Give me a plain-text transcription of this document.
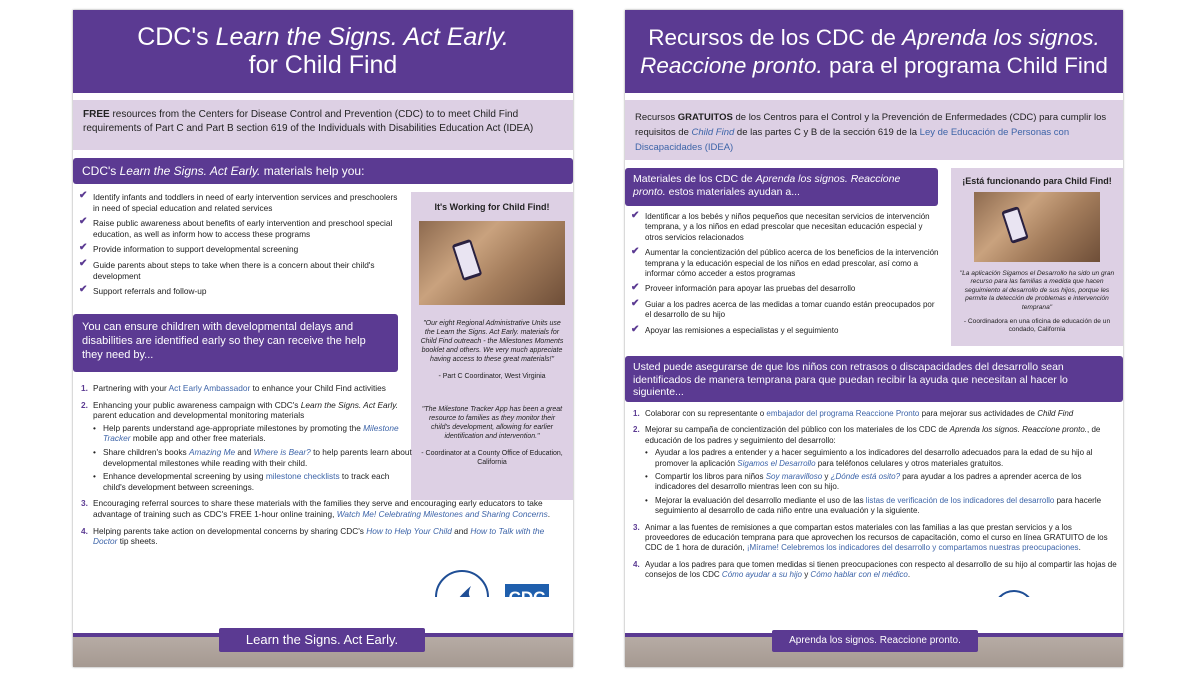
CDC's Learn the Signs. Act Early.
for Child Find
FREE resources from the Centers for Disease Control and Prevention (CDC) to to meet Child Find requirements of Part C and Part B section 619 of the Individuals with Disabilities Education Act (IDEA)
CDC's Learn the Signs. Act Early. materials help you:
✔ Identify infants and toddlers in need of early intervention services and preschoolers in need of special education and related services
✔ Raise public awareness about benefits of early intervention and preschool special education, as well as inform how to access these programs
✔ Provide information to support developmental screening
✔ Guide parents about steps to take when there is a concern about their child's development
✔ Support referrals and follow-up
It's Working for Child Find!
"Our eight Regional Administrative Units use the Learn the Signs. Act Early. materials for Child Find outreach - the Milestones Moments booklet and others. We very much appreciate having access to these great materials!"
- Part C Coordinator, West Virginia
"The Milestone Tracker App has been a great resource to families as they monitor their child's development, allowing for earlier identification and intervention."
- Coordinator at a County Office of Education, California
You can ensure children with developmental delays and disabilities are identified early so they can receive the help they need by...
1. Partnering with your Act Early Ambassador to enhance your Child Find activities
2. Enhancing your public awareness campaign with CDC's Learn the Signs. Act Early. parent education and developmental monitoring materials
• Help parents understand age-appropriate milestones by promoting the Milestone Tracker mobile app and other free materials.
• Share children's books Amazing Me and Where is Bear? to help parents learn about developmental milestones while reading with their child.
• Enhance developmental screening by using milestone checklists to track each child's development between screenings.
3. Encouraging referral sources to share these materials with the families they serve and encouraging early educators to take advantage of training such as CDC's FREE 1-hour online training, Watch Me! Celebrating Milestones and Sharing Concerns.
4. Helping parents take action on developmental concerns by sharing CDC's How to Help Your Child and How to Talk with the Doctor tip sheets.
Learn the Signs. Act Early.
Recursos de los CDC de Aprenda los signos.
Reaccione pronto. para el programa Child Find
Recursos GRATUITOS de los Centros para el Control y la Prevención de Enfermedades (CDC) para cumplir los requisitos de Child Find de las partes C y B de la sección 619 de la Ley de Educación de Personas con Discapacidades (IDEA)
Materiales de los CDC de Aprenda los signos. Reaccione pronto. estos materiales ayudan a...
✔ Identificar a los bebés y niños pequeños que necesitan servicios de intervención temprana, y a los niños en edad prescolar que necesitan educación especial y otros servicios relacionados
✔ Aumentar la concientización del público acerca de los beneficios de la intervención temprana y la educación especial de los niños en edad prescolar, así como a informar cómo acceder a estos programas
✔ Proveer información para apoyar las pruebas del desarrollo
✔ Guiar a los padres acerca de las medidas a tomar cuando están preocupados por el desarrollo de su hijo
✔ Apoyar las remisiones a especialistas y el seguimiento
¡Está funcionando para Child Find!
"La aplicación Sigamos el Desarrollo ha sido un gran recurso para las familias a medida que hacen seguimiento al desarrollo de sus hijos, porque les permite la detección de problemas e intervención temprana"
- Coordinadora en una oficina de educación de un condado, California
Usted puede asegurarse de que los niños con retrasos o discapacidades del desarrollo sean identificados de manera temprana para que puedan recibir la ayuda que necesitan al hacer lo siguiente...
1. Colaborar con su representante o embajador del programa Reaccione Pronto para mejorar sus actividades de Child Find
2. Mejorar su campaña de concientización del público con los materiales de los CDC de Aprenda los signos. Reaccione pronto., de educación de los padres y seguimiento del desarrollo:
• Ayudar a los padres a entender y a hacer seguimiento a los indicadores del desarrollo adecuados para la edad de su hijo al promover la aplicación Sigamos el Desarrollo para teléfonos celulares y otros materiales gratuitos.
• Compartir los libros para niños Soy maravilloso y ¿Dónde está osito? para ayudar a los padres a aprender acerca de los indicadores del desarrollo mientras leen con su hijo.
• Mejorar la evaluación del desarrollo mediante el uso de las listas de verificación de los indicadores del desarrollo para hacerle seguimiento al desarrollo de cada niño entre una evaluación y la siguiente.
3. Animar a las fuentes de remisiones a que compartan estos materiales con las familias a las que prestan servicios y a los proveedores de educación temprana para que aprovechen los recursos de capacitación, como el curso en línea GRATUITO de los CDC de 1 hora de duración, ¡Mírame! Celebremos los indicadores del desarrollo y compartamos nuestras preocupaciones.
4. Ayudar a los padres para que tomen medidas si tienen preocupaciones con respecto al desarrollo de su hijo al compartir las hojas de consejos de los CDC Cómo ayudar a su hijo y Cómo hablar con el médico.
Aprenda los signos. Reaccione pronto.
